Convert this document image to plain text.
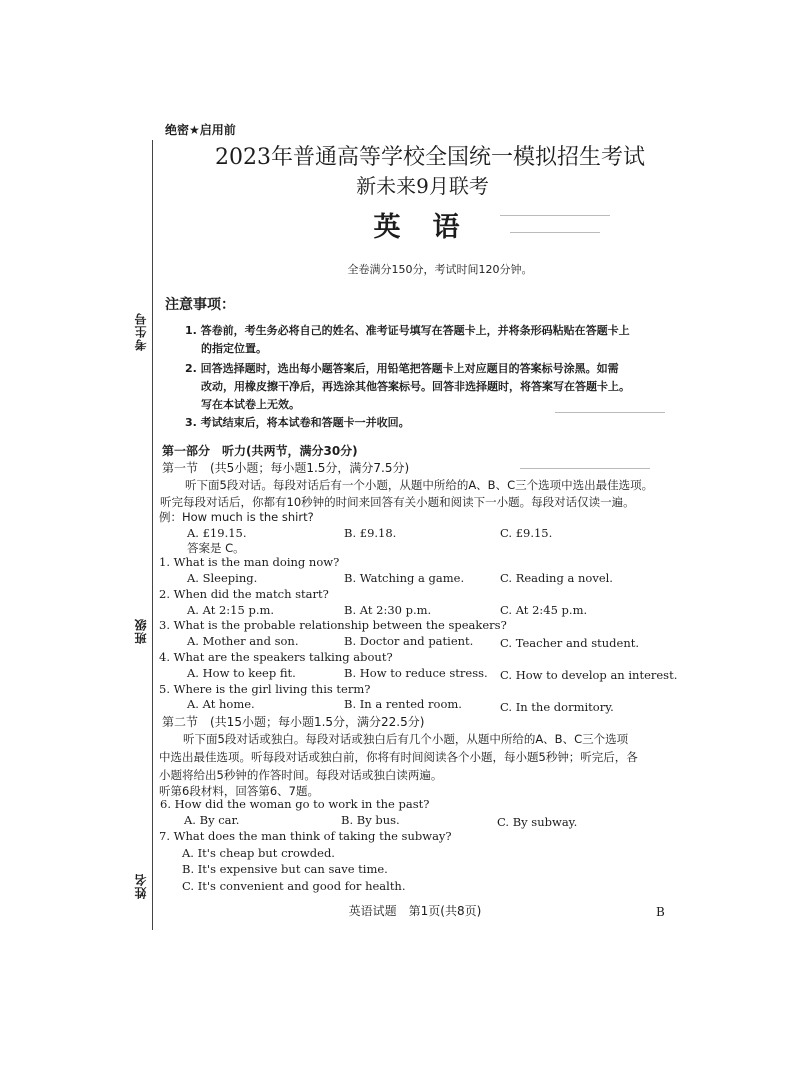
考生号
班级
姓名
绝密★启用前
2023年普通高等学校全国统一模拟招生考试
新未来9月联考
英语
全卷满分150分，考试时间120分钟。
注意事项：
1. 答卷前，考生务必将自己的姓名、准考证号填写在答题卡上，并将条形码粘贴在答题卡上
的指定位置。
2. 回答选择题时，选出每小题答案后，用铅笔把答题卡上对应题目的答案标号涂黑。如需
改动，用橡皮擦干净后，再选涂其他答案标号。回答非选择题时，将答案写在答题卡上。
写在本试卷上无效。
3. 考试结束后，将本试卷和答题卡一并收回。
第一部分　听力(共两节，满分30分)
第一节　(共5小题；每小题1.5分，满分7.5分)
听下面5段对话。每段对话后有一个小题，从题中所给的A、B、C三个选项中选出最佳选项。
听完每段对话后，你都有10秒钟的时间来回答有关小题和阅读下一小题。每段对话仅读一遍。
例：How much is the shirt?
A. £19.15.	B. £9.18.	C. £9.15.
答案是 C。
1. What is the man doing now?
A. Sleeping.	B. Watching a game.	C. Reading a novel.
2. When did the match start?
A. At 2:15 p.m.	B. At 2:30 p.m.	C. At 2:45 p.m.
3. What is the probable relationship between the speakers?
A. Mother and son.	B. Doctor and patient. C. Teacher and student.
4. What are the speakers talking about?
A. How to keep fit.	B. How to reduce stress. C. How to develop an interest.
5. Where is the girl living this term?
A. At home.	B. In a rented room.	C. In the dormitory.
第二节　(共15小题；每小题1.5分，满分22.5分)
听下面5段对话或独白。每段对话或独白后有几个小题，从题中所给的A、B、C三个选项
中选出最佳选项。听每段对话或独白前，你将有时间阅读各个小题，每小题5秒钟；听完后，各
小题将给出5秒钟的作答时间。每段对话或独白读两遍。
听第6段材料，回答第6、7题。
6. How did the woman go to work in the past?
A. By car.	B. By bus.	C. By subway.
7. What does the man think of taking the subway?
A. It's cheap but crowded.
B. It's expensive but can save time.
C. It's convenient and good for health.
英语试题　第1页(共8页)	B
